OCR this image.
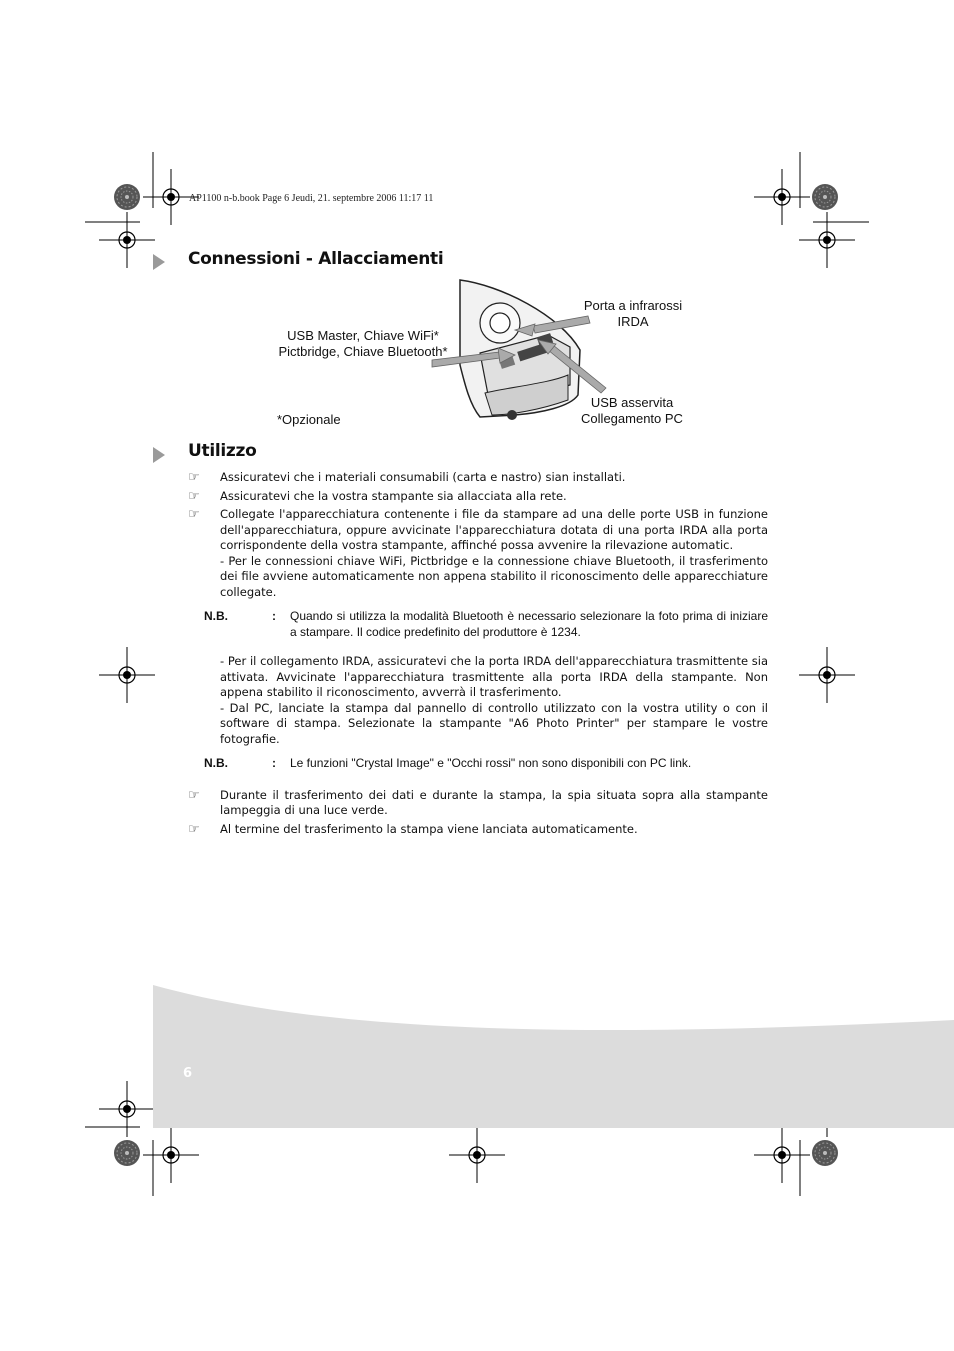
AP1100 n-b.book Page 6 Jeudi, 21. septembre 2006 11:17 11
Connessioni - Allacciamenti
Porta a infrarossi
IRDA
USB Master, Chiave WiFi*
Pictbridge, Chiave Bluetooth*
USB asservita
Collegamento PC
*Opzionale
Utilizzo
☞ Assicuratevi che i materiali consumabili (carta e nastro) sian installati.
☞ Assicuratevi che la vostra stampante sia allacciata alla rete.
☞ Collegate l'apparecchiatura contenente i file da stampare ad una delle porte USB in funzione dell'apparecchiatura, oppure avvicinate l'apparecchiatura dotata di una porta IRDA alla porta corrispondente della vostra stampante, affinché possa avvenire la rilevazione automatic.
- Per le connessioni chiave WiFi, Pictbridge e la connessione chiave Bluetooth, il trasferimento dei file avviene automaticamente non appena stabilito il riconoscimento delle apparecchiature collegate.
N.B.	:	Quando si utilizza la modalità Bluetooth è necessario selezionare la foto prima di iniziare a stampare. Il codice predefinito del produttore è 1234.
- Per il collegamento IRDA, assicuratevi che la porta IRDA dell'apparecchiatura trasmittente sia attivata. Avvicinate l'apparecchiatura trasmittente alla porta IRDA della stampante. Non appena stabilito il riconoscimento, avverrà il trasferimento.
- Dal PC, lanciate la stampa dal pannello di controllo utilizzato con la vostra utility o con il software di stampa. Selezionate la stampante "A6 Photo Printer" per stampare le vostre fotografie.
N.B.	:	Le funzioni "Crystal Image" e "Occhi rossi" non sono disponibili con PC link.
☞ Durante il trasferimento dei dati e durante la stampa, la spia situata sopra alla stampante lampeggia di una luce verde.
☞ Al termine del trasferimento la stampa viene lanciata automaticamente.
6
